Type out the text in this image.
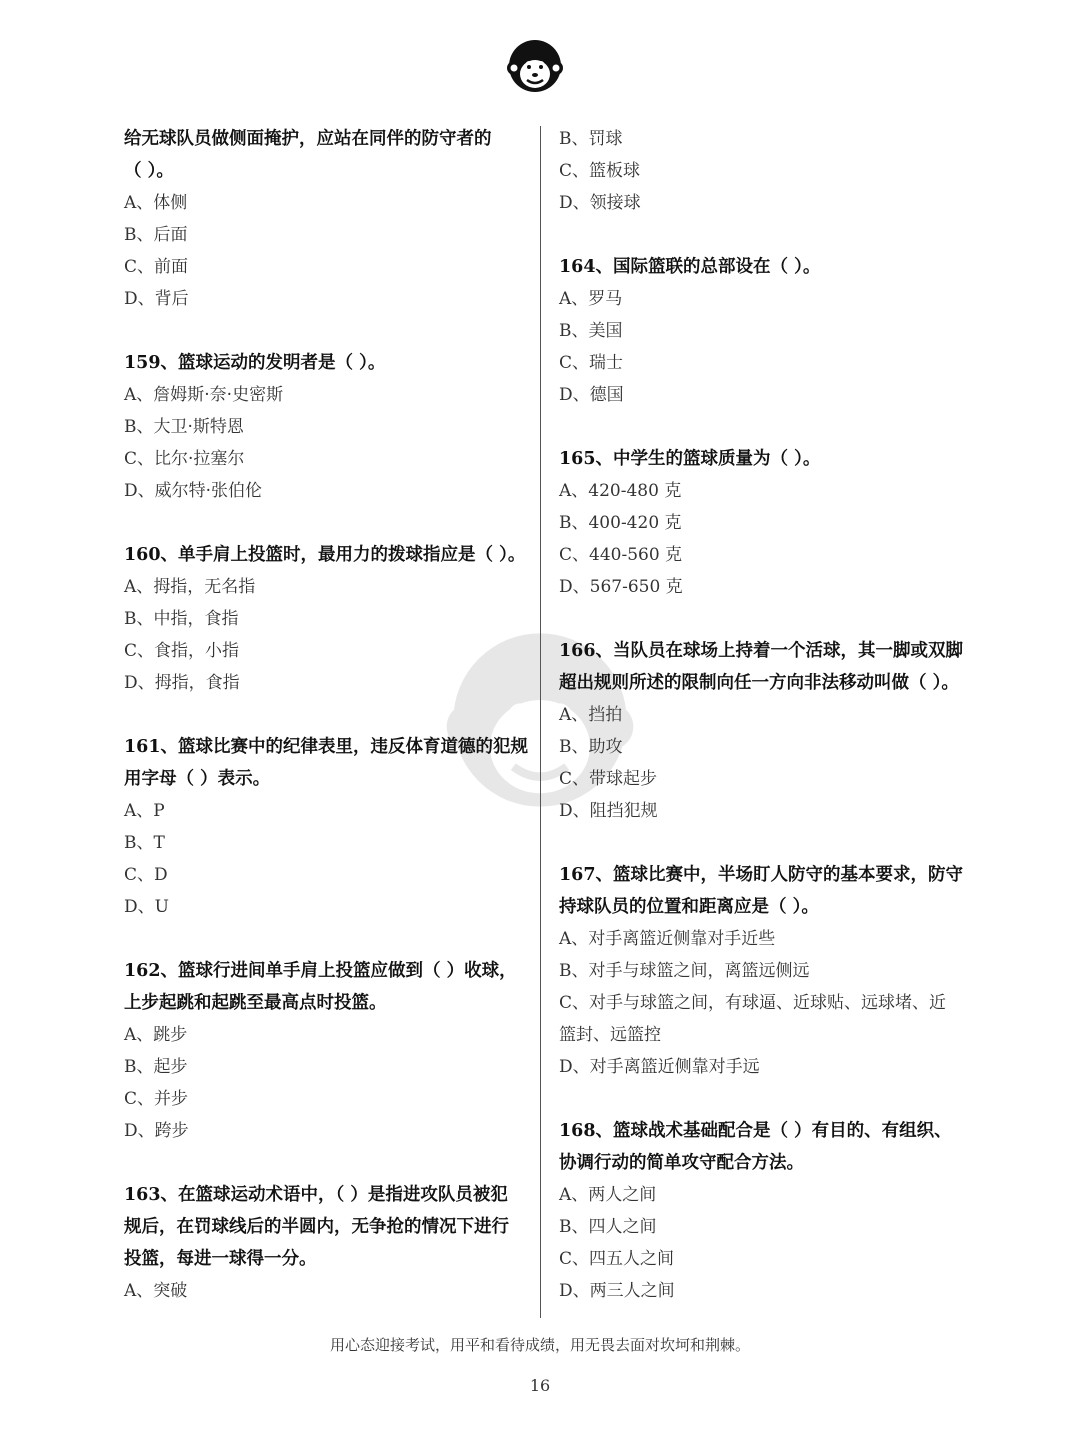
给无球队员做侧面掩护，应站在同伴的防守者的
（ ）。
A、体侧
B、后面
C、前面
D、背后
159、篮球运动的发明者是（ ）。
A、詹姆斯·奈·史密斯
B、大卫·斯特恩
C、比尔·拉塞尔
D、威尔特·张伯伦
160、单手肩上投篮时，最用力的拨球指应是（ ）。
A、拇指，无名指
B、中指，食指
C、食指，小指
D、拇指，食指
161、篮球比赛中的纪律表里，违反体育道德的犯规
用字母（ ）表示。
A、P
B、T
C、D
D、U
162、篮球行进间单手肩上投篮应做到（ ）收球，
上步起跳和起跳至最高点时投篮。
A、跳步
B、起步
C、并步
D、跨步
163、在篮球运动术语中，（ ）是指进攻队员被犯
规后，在罚球线后的半圆内，无争抢的情况下进行
投篮，每进一球得一分。
A、突破
B、罚球
C、篮板球
D、领接球
164、国际篮联的总部设在（ ）。
A、罗马
B、美国
C、瑞士
D、德国
165、中学生的篮球质量为（ ）。
A、420-480 克
B、400-420 克
C、440-560 克
D、567-650 克
166、当队员在球场上持着一个活球，其一脚或双脚
超出规则所述的限制向任一方向非法移动叫做（ ）。
A、挡拍
B、助攻
C、带球起步
D、阻挡犯规
167、篮球比赛中，半场盯人防守的基本要求，防守
持球队员的位置和距离应是（ ）。
A、对手离篮近侧靠对手近些
B、对手与球篮之间，离篮远侧远
C、对手与球篮之间，有球逼、近球贴、远球堵、近
篮封、远篮控
D、对手离篮近侧靠对手远
168、篮球战术基础配合是（ ）有目的、有组织、
协调行动的简单攻守配合方法。
A、两人之间
B、四人之间
C、四五人之间
D、两三人之间
用心态迎接考试，用平和看待成绩，用无畏去面对坎坷和荆棘。
16
